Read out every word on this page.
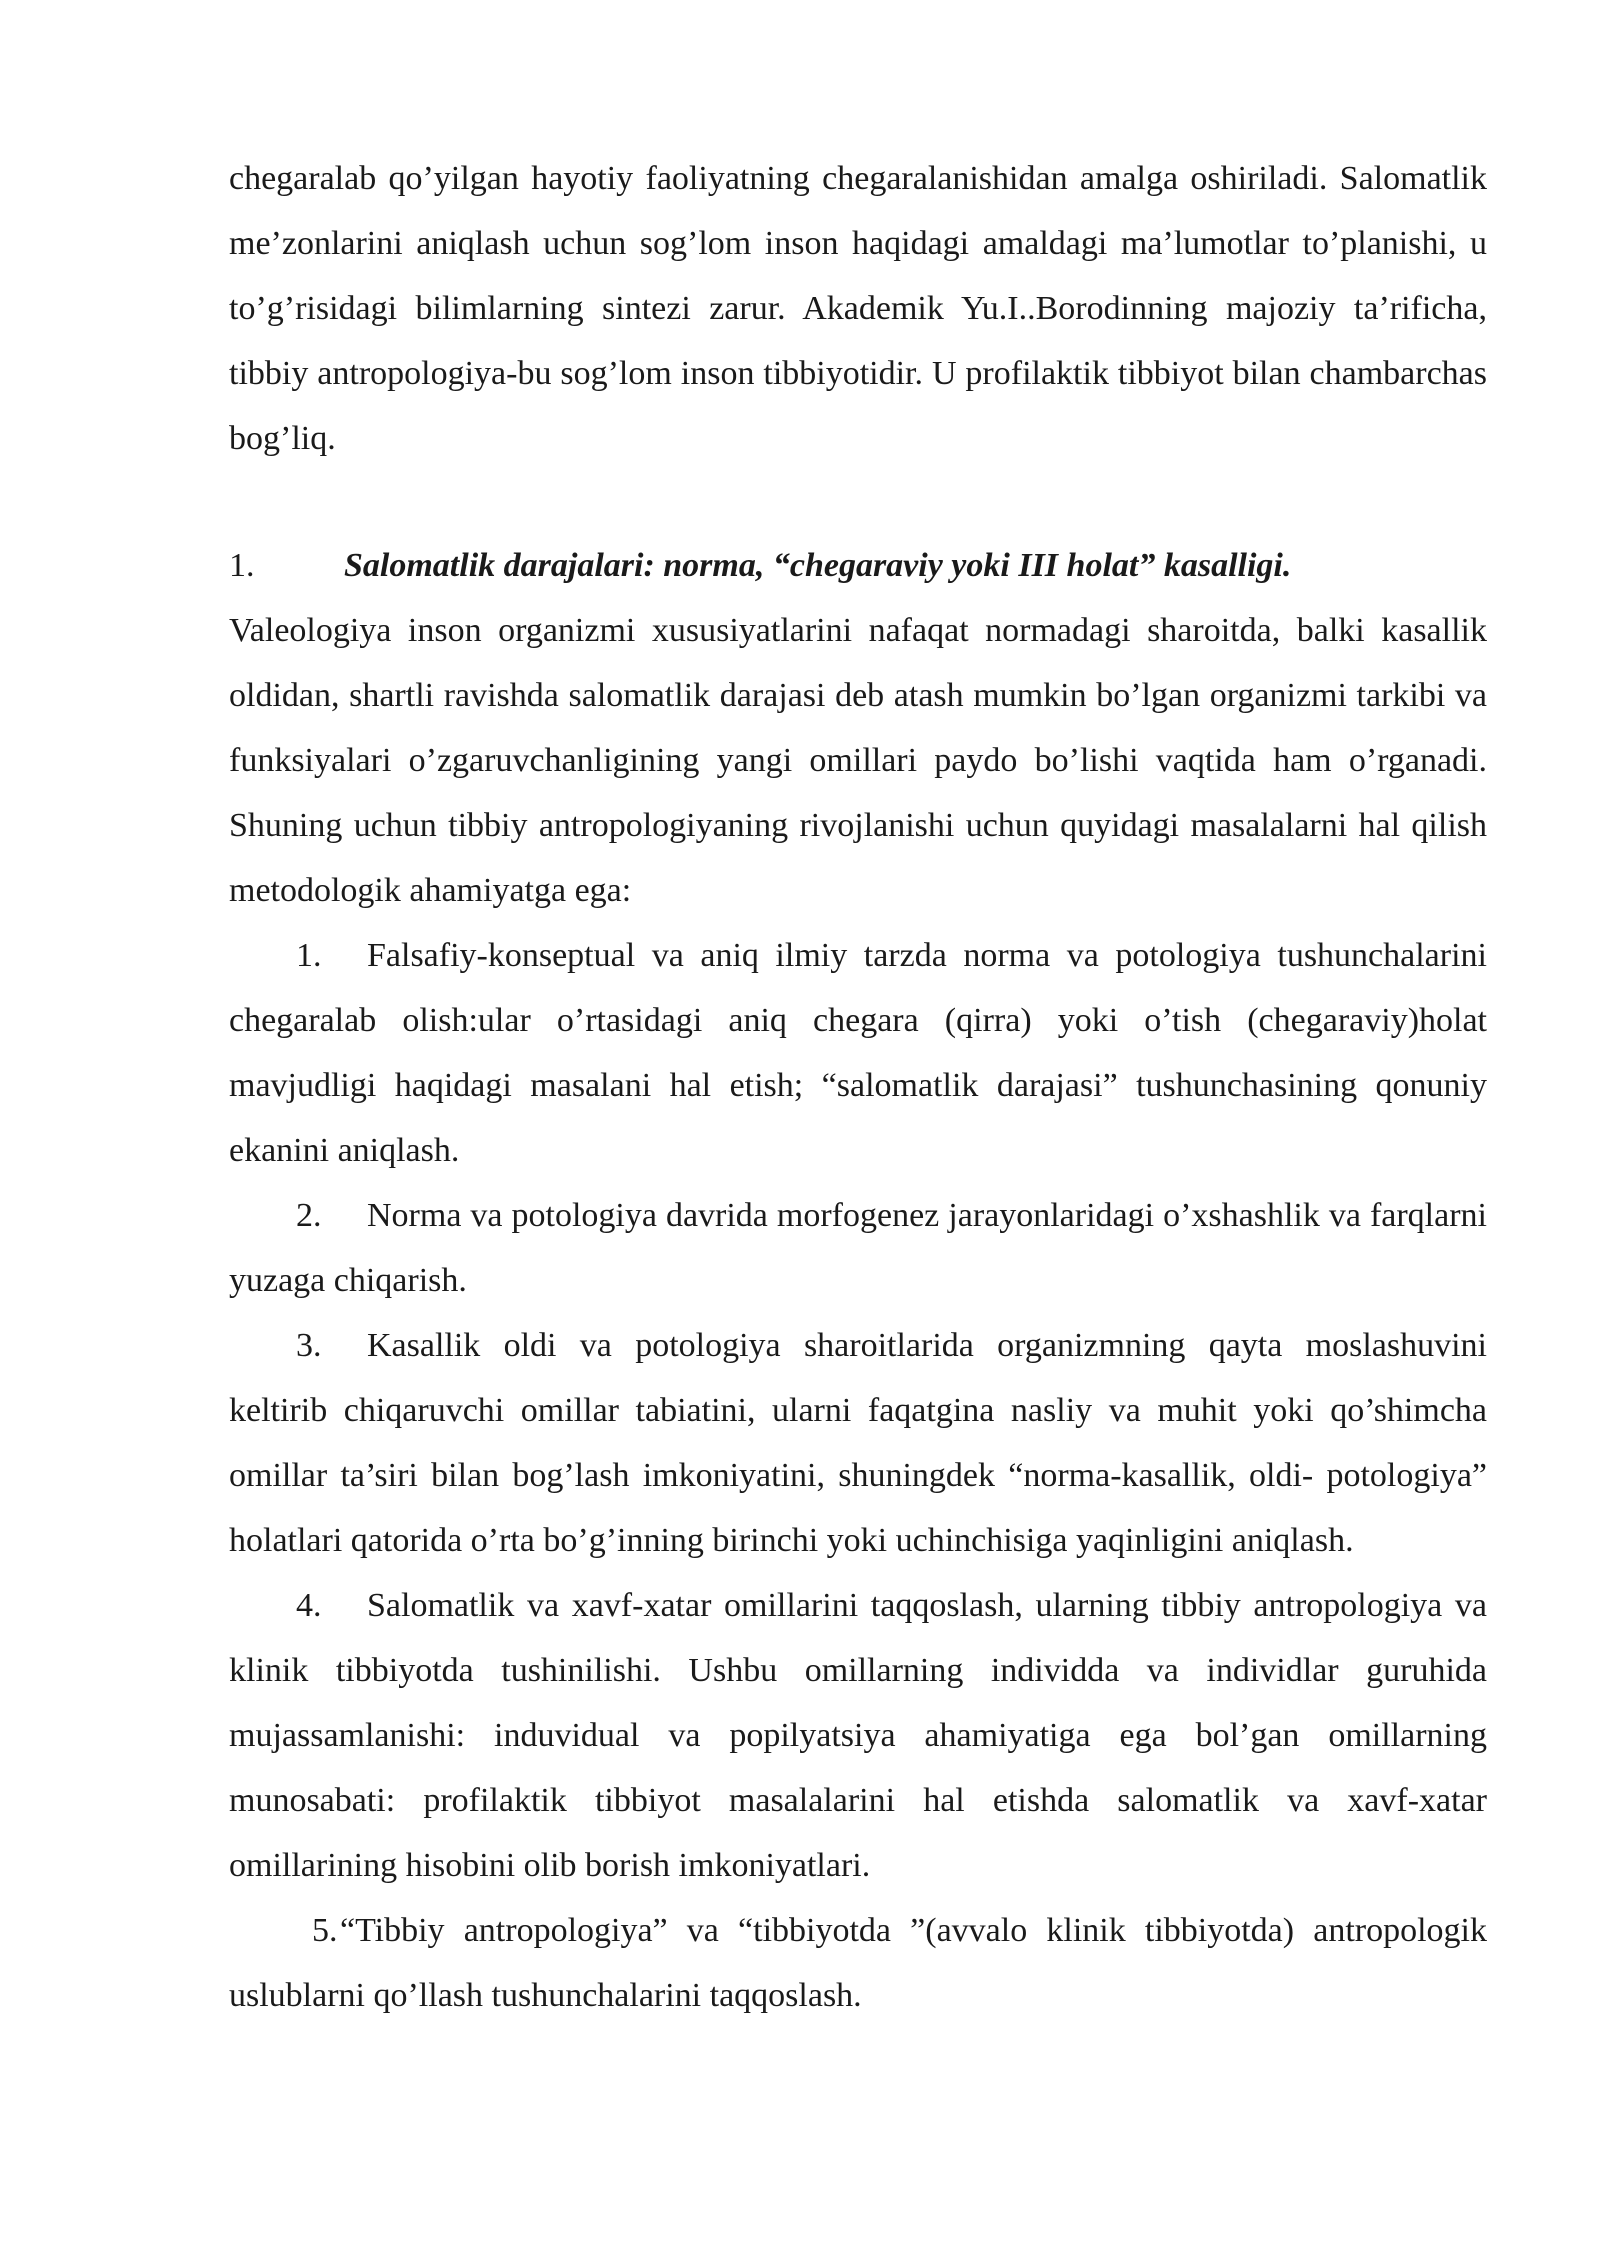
chegaralab qo’yilgan hayotiy faoliyatning chegaralanishidan amalga oshiriladi. Salomatlik me’zonlarini aniqlash uchun sog’lom inson haqidagi amaldagi ma’lumotlar to’planishi, u to’g’risidagi bilimlarning sintezi zarur. Akademik Yu.I..Borodinning majoziy ta’rificha, tibbiy antropologiya-bu sog’lom inson tibbiyotidir. U profilaktik tibbiyot bilan chambarchas bog’liq.

1.	Salomatlik darajalari: norma, “chegaraviy yoki III holat” kasalligi.

Valeologiya inson organizmi xususiyatlarini nafaqat normadagi sharoitda, balki kasallik oldidan, shartli ravishda salomatlik darajasi deb atash mumkin bo’lgan organizmi tarkibi va funksiyalari o’zgaruvchanligining yangi omillari paydo bo’lishi vaqtida ham o’rganadi. Shuning uchun tibbiy antropologiyaning rivojlanishi uchun quyidagi masalalarni hal qilish metodologik ahamiyatga ega:

1. Falsafiy-konseptual va aniq ilmiy tarzda norma va potologiya tushunchalarini chegaralab olish:ular o’rtasidagi aniq chegara (qirra) yoki o’tish (chegaraviy)holat mavjudligi haqidagi masalani hal etish; “salomatlik darajasi” tushunchasining qonuniy ekanini aniqlash.

2. Norma va potologiya davrida morfogenez jarayonlaridagi o’xshashlik va farqlarni yuzaga chiqarish.

3. Kasallik oldi va potologiya sharoitlarida organizmning qayta moslashuvini keltirib chiqaruvchi omillar tabiatini, ularni faqatgina nasliy va muhit yoki qo’shimcha omillar ta’siri bilan bog’lash imkoniyatini, shuningdek “norma-kasallik, oldi- potologiya” holatlari qatorida o’rta bo’g’inning birinchi yoki uchinchisiga yaqinligini aniqlash.

4. Salomatlik va xavf-xatar omillarini taqqoslash, ularning tibbiy antropologiya va klinik tibbiyotda tushinilishi. Ushbu omillarning individda va individlar guruhida mujassamlanishi: induvidual va popilyatsiya ahamiyatiga ega bol’gan omillarning munosabati: profilaktik tibbiyot masalalarini hal etishda salomatlik va xavf-xatar omillarining hisobini olib borish imkoniyatlari.

5.“Tibbiy antropologiya” va “tibbiyotda ”(avvalo klinik tibbiyotda) antropologik uslublarni qo’llash tushunchalarini taqqoslash.
